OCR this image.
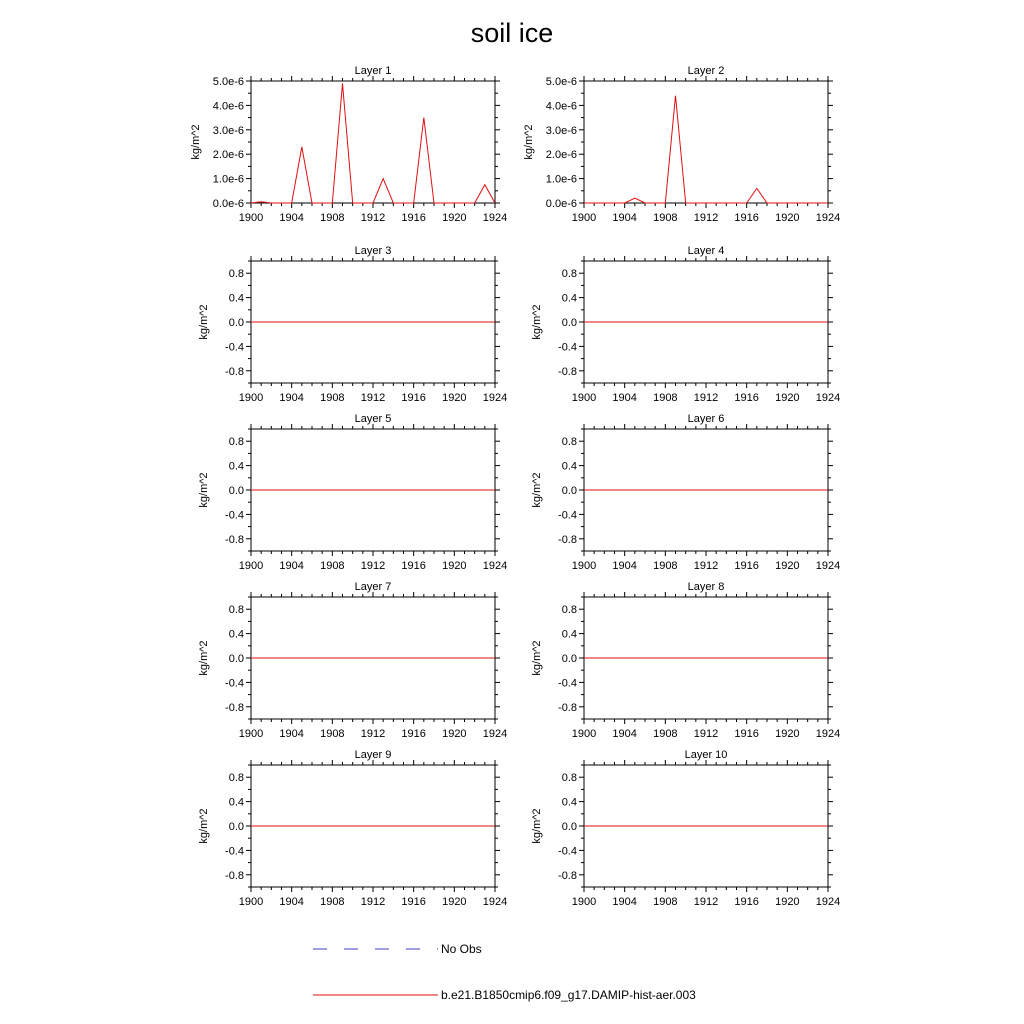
soil ice
Layer 1
1900 1904 1908 1912 1916 1920 1924
0.0e-6
1.0e-6
2.0e-6
3.0e-6
4.0e-6
5.0e-6
kg/m^2
Layer 2
1900 1904 1908 1912 1916 1920 1924
0.0e-6
1.0e-6
2.0e-6
3.0e-6
4.0e-6
5.0e-6
kg/m^2
Layer 3
1900 1904 1908 1912 1916 1920 1924
-0.8
-0.4
0.0
0.4
0.8
kg/m^2
Layer 4
1900 1904 1908 1912 1916 1920 1924
-0.8
-0.4
0.0
0.4
0.8
kg/m^2
Layer 5
1900 1904 1908 1912 1916 1920 1924
-0.8
-0.4
0.0
0.4
0.8
kg/m^2
Layer 6
1900 1904 1908 1912 1916 1920 1924
-0.8
-0.4
0.0
0.4
0.8
kg/m^2
Layer 7
1900 1904 1908 1912 1916 1920 1924
-0.8
-0.4
0.0
0.4
0.8
kg/m^2
Layer 8
1900 1904 1908 1912 1916 1920 1924
-0.8
-0.4
0.0
0.4
0.8
kg/m^2
Layer 9
1900 1904 1908 1912 1916 1920 1924
-0.8
-0.4
0.0
0.4
0.8
kg/m^2
Layer 10
1900 1904 1908 1912 1916 1920 1924
-0.8
-0.4
0.0
0.4
0.8
kg/m^2
No Obs
b.e21.B1850cmip6.f09_g17.DAMIP-hist-aer.003
